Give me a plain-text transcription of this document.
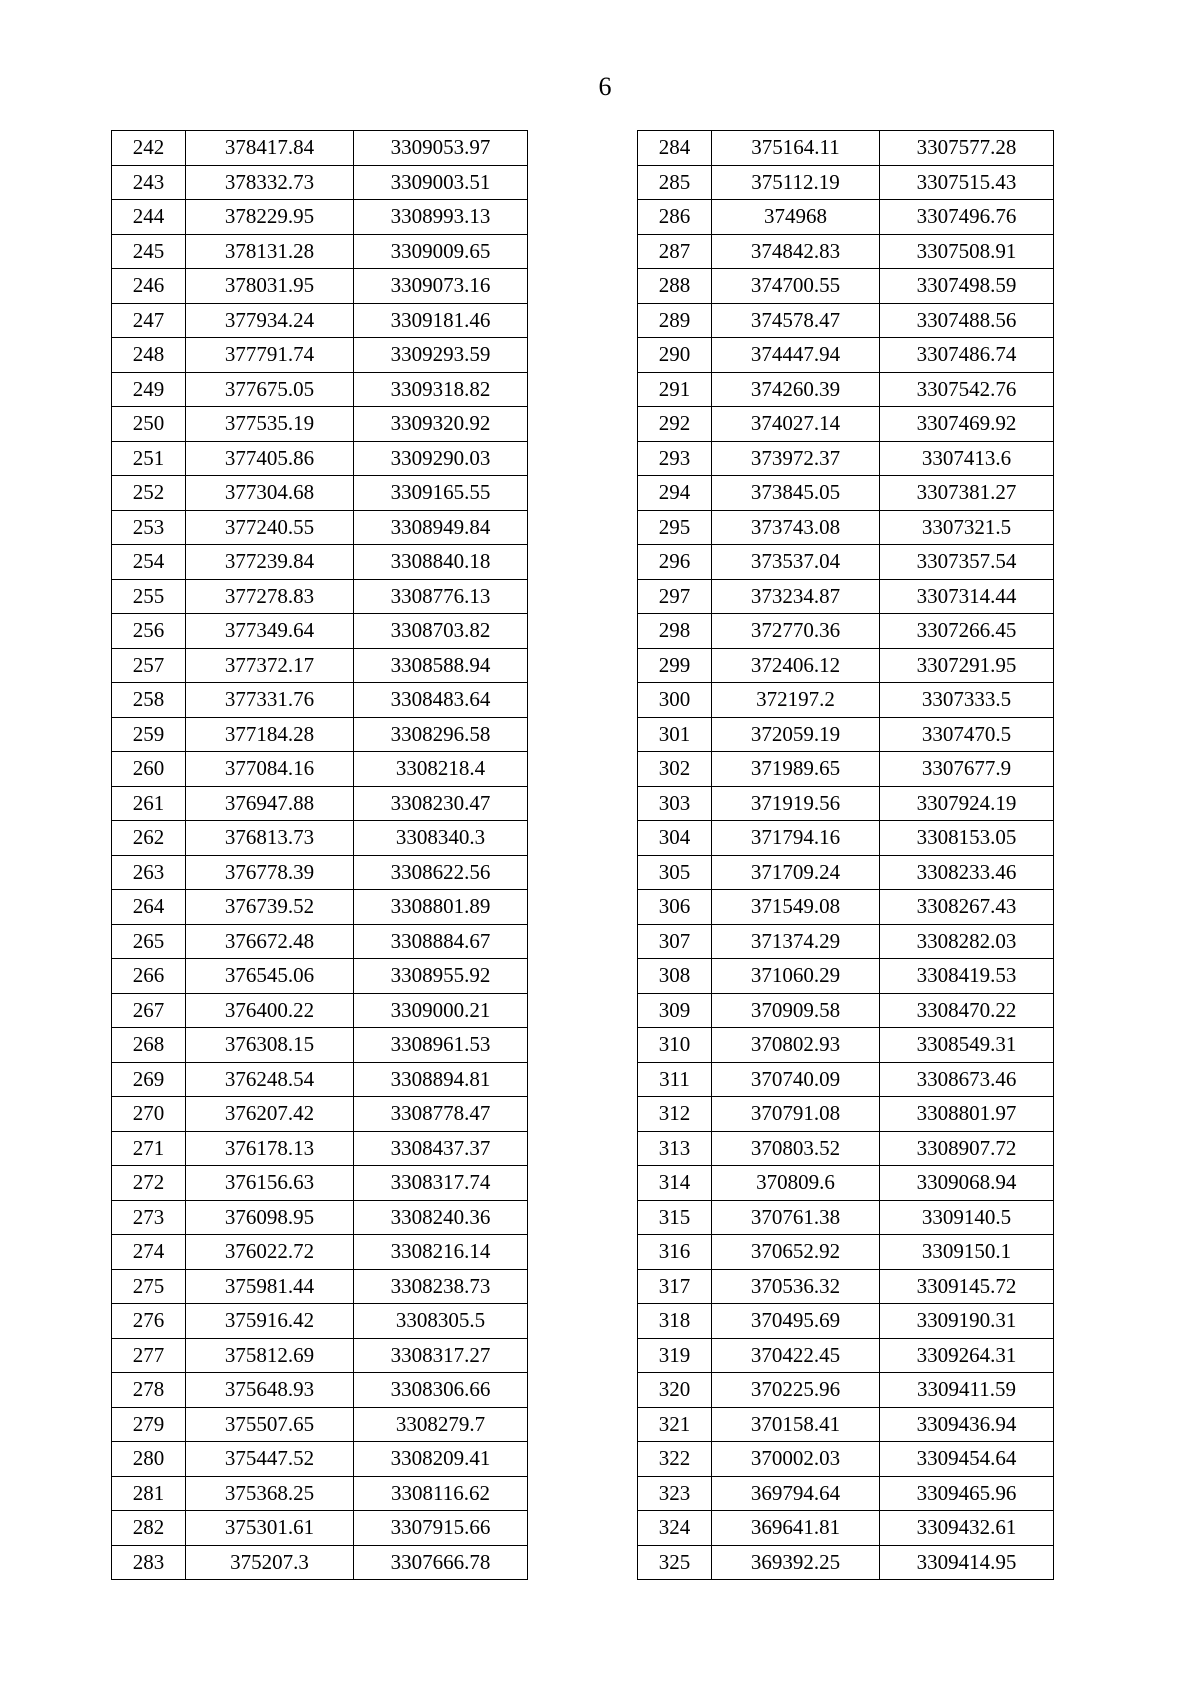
6
242	378417.84	3309053.97
243	378332.73	3309003.51
244	378229.95	3308993.13
245	378131.28	3309009.65
246	378031.95	3309073.16
247	377934.24	3309181.46
248	377791.74	3309293.59
249	377675.05	3309318.82
250	377535.19	3309320.92
251	377405.86	3309290.03
252	377304.68	3309165.55
253	377240.55	3308949.84
254	377239.84	3308840.18
255	377278.83	3308776.13
256	377349.64	3308703.82
257	377372.17	3308588.94
258	377331.76	3308483.64
259	377184.28	3308296.58
260	377084.16	3308218.4
261	376947.88	3308230.47
262	376813.73	3308340.3
263	376778.39	3308622.56
264	376739.52	3308801.89
265	376672.48	3308884.67
266	376545.06	3308955.92
267	376400.22	3309000.21
268	376308.15	3308961.53
269	376248.54	3308894.81
270	376207.42	3308778.47
271	376178.13	3308437.37
272	376156.63	3308317.74
273	376098.95	3308240.36
274	376022.72	3308216.14
275	375981.44	3308238.73
276	375916.42	3308305.5
277	375812.69	3308317.27
278	375648.93	3308306.66
279	375507.65	3308279.7
280	375447.52	3308209.41
281	375368.25	3308116.62
282	375301.61	3307915.66
283	375207.3	3307666.78
284	375164.11	3307577.28
285	375112.19	3307515.43
286	374968	3307496.76
287	374842.83	3307508.91
288	374700.55	3307498.59
289	374578.47	3307488.56
290	374447.94	3307486.74
291	374260.39	3307542.76
292	374027.14	3307469.92
293	373972.37	3307413.6
294	373845.05	3307381.27
295	373743.08	3307321.5
296	373537.04	3307357.54
297	373234.87	3307314.44
298	372770.36	3307266.45
299	372406.12	3307291.95
300	372197.2	3307333.5
301	372059.19	3307470.5
302	371989.65	3307677.9
303	371919.56	3307924.19
304	371794.16	3308153.05
305	371709.24	3308233.46
306	371549.08	3308267.43
307	371374.29	3308282.03
308	371060.29	3308419.53
309	370909.58	3308470.22
310	370802.93	3308549.31
311	370740.09	3308673.46
312	370791.08	3308801.97
313	370803.52	3308907.72
314	370809.6	3309068.94
315	370761.38	3309140.5
316	370652.92	3309150.1
317	370536.32	3309145.72
318	370495.69	3309190.31
319	370422.45	3309264.31
320	370225.96	3309411.59
321	370158.41	3309436.94
322	370002.03	3309454.64
323	369794.64	3309465.96
324	369641.81	3309432.61
325	369392.25	3309414.95
